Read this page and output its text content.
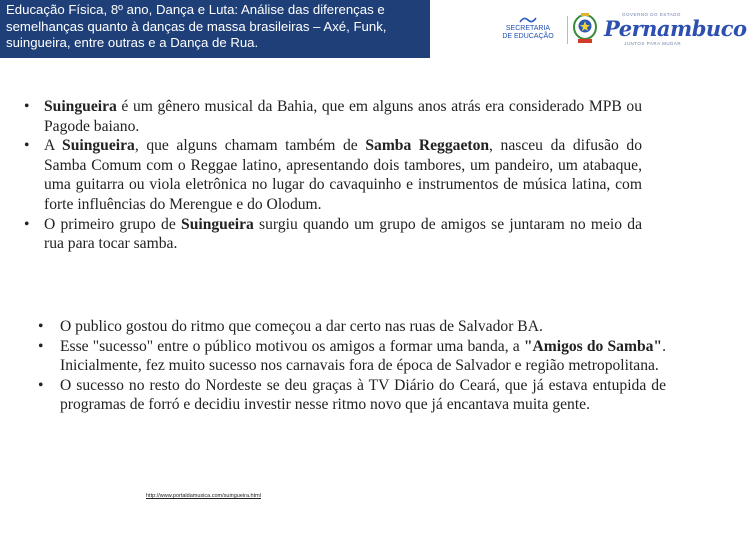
Educação Física, 8º ano, Dança e Luta: Análise das diferenças e
semelhanças quanto à danças de massa brasileiras – Axé, Funk,
suingueira, entre outras e a Dança de Rua.
SECRETARIA
DE EDUCAÇÃO
GOVERNO DO ESTADO
Pernambuco
JUNTOS PARA MUDAR
• Suingueira é um gênero musical da Bahia, que em alguns anos atrás era considerado MPB ou Pagode baiano.
• A Suingueira, que alguns chamam também de Samba Reggaeton, nasceu da difusão do Samba Comum com o Reggae latino, apresentando dois tambores, um pandeiro, um atabaque, uma guitarra ou viola eletrônica no lugar do cavaquinho e instrumentos de música latina, com forte influências do Merengue e do Olodum.
• O primeiro grupo de Suingueira surgiu quando um grupo de amigos se juntaram no meio da rua para tocar samba.
• O publico gostou do ritmo que começou a dar certo nas ruas de Salvador BA.
• Esse "sucesso" entre o público motivou os amigos a formar uma banda, a "Amigos do Samba". Inicialmente, fez muito sucesso nos carnavais fora de época de Salvador e região metropolitana.
• O sucesso no resto do Nordeste se deu graças à TV Diário do Ceará, que já estava entupida de programas de forró e decidiu investir nesse ritmo novo que já encantava muita gente.
http://www.portaldamusica.com/suingueira.html
